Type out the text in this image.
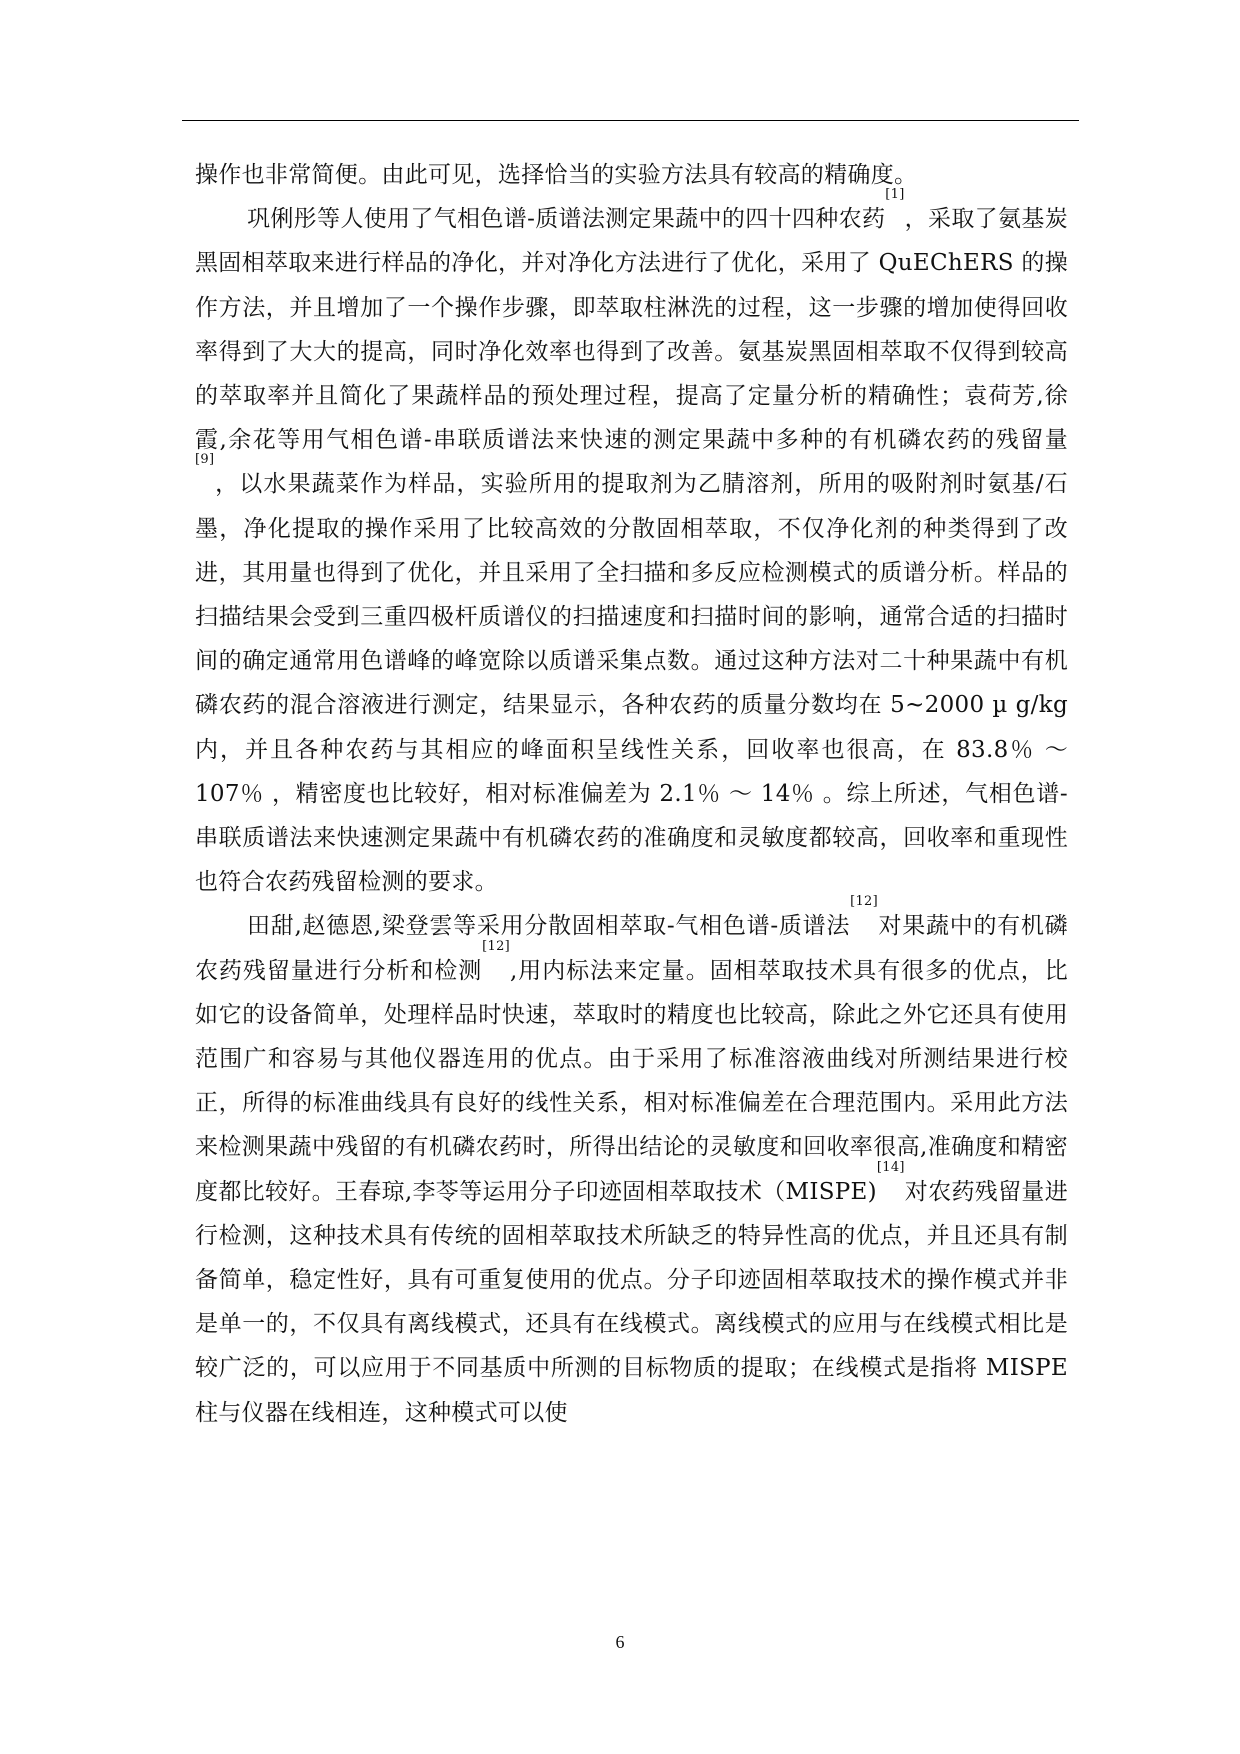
操作也非常简便。由此可见，选择恰当的实验方法具有较高的精确度。

巩俐彤等人使用了气相色谱-质谱法测定果蔬中的四十四种农药[1]，采取了氨基炭黑固相萃取来进行样品的净化，并对净化方法进行了优化，采用了 QuEChERS 的操作方法，并且增加了一个操作步骤，即萃取柱淋洗的过程，这一步骤的增加使得回收率得到了大大的提高，同时净化效率也得到了改善。氨基炭黑固相萃取不仅得到较高的萃取率并且简化了果蔬样品的预处理过程，提高了定量分析的精确性；袁荷芳,徐霞,余花等用气相色谱-串联质谱法来快速的测定果蔬中多种的有机磷农药的残留量[9]，以水果蔬菜作为样品，实验所用的提取剂为乙腈溶剂，所用的吸附剂时氨基/石墨，净化提取的操作采用了比较高效的分散固相萃取，不仅净化剂的种类得到了改进，其用量也得到了优化，并且采用了全扫描和多反应检测模式的质谱分析。样品的扫描结果会受到三重四极杆质谱仪的扫描速度和扫描时间的影响，通常合适的扫描时间的确定通常用色谱峰的峰宽除以质谱采集点数。通过这种方法对二十种果蔬中有机磷农药的混合溶液进行测定，结果显示，各种农药的质量分数均在 5~2000 µ g/kg 内，并且各种农药与其相应的峰面积呈线性关系，回收率也很高，在 83.8％ ～ 107％ ，精密度也比较好，相对标准偏差为 2.1％ ～ 14％ 。综上所述，气相色谱-串联质谱法来快速测定果蔬中有机磷农药的准确度和灵敏度都较高，回收率和重现性也符合农药残留检测的要求。

田甜,赵德恩,梁登雲等采用分散固相萃取-气相色谱-质谱法[12]对果蔬中的有机磷农药残留量进行分析和检测[12],用内标法来定量。固相萃取技术具有很多的优点，比如它的设备简单，处理样品时快速，萃取时的精度也比较高，除此之外它还具有使用范围广和容易与其他仪器连用的优点。由于采用了标准溶液曲线对所测结果进行校正，所得的标准曲线具有良好的线性关系，相对标准偏差在合理范围内。采用此方法来检测果蔬中残留的有机磷农药时，所得出结论的灵敏度和回收率很高,准确度和精密度都比较好。王春琼,李苓等运用分子印迹固相萃取技术（MISPE)[14]对农药残留量进行检测，这种技术具有传统的固相萃取技术所缺乏的特异性高的优点，并且还具有制备简单，稳定性好，具有可重复使用的优点。分子印迹固相萃取技术的操作模式并非是单一的，不仅具有离线模式，还具有在线模式。离线模式的应用与在线模式相比是较广泛的，可以应用于不同基质中所测的目标物质的提取；在线模式是指将 MISPE 柱与仪器在线相连，这种模式可以使

6
